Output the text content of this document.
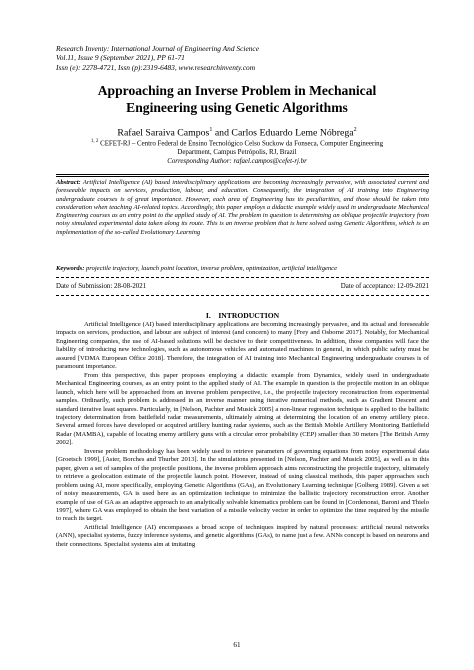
Research Inventy: International Journal of Engineering And Science
Vol.11, Issue 9 (September 2021), PP 61-71
Issn (e): 2278-4721, Issn (p):2319-6483, www.researchinventy.com
Approaching an Inverse Problem in Mechanical
Engineering using Genetic Algorithms
Rafael Saraiva Campos$^1$ and Carlos Eduardo Leme Nóbrega$^2$
$^{1, 2}$ CEFET-RJ – Centro Federal de Ensino Tecnológico Celso Suckow da Fonseca, Computer Engineering
Department, Campus Petrópolis, RJ, Brazil
Corresponding Author: rafael.campos@cefet-rj.br
Abstract: Artificial Intelligence (AI) based interdisciplinary applications are becoming increasingly pervasive, with associated current and foreseeable impacts on services, production, labour, and education. Consequently, the integration of AI training into Engineering undergraduate courses is of great importance. However, each area of Engineering has its peculiarities, and those should be taken into consideration when teaching AI-related topics. Accordingly, this paper employs a didactic example widely used in undergraduate Mechanical Engineering courses as an entry point to the applied study of AI. The problem in question is determining an oblique projectile trajectory from noisy simulated experimental data taken along its route. This is an inverse problem that is here solved using Genetic Algorithms, which is an implementation of the so-called Evolutionary Learning
Keywords: projectile trajectory, launch point location, inverse problem, optimization, artificial intelligence
Date of Submission: 28-08-2021	Date of acceptance: 12-09-2021
I.    INTRODUCTION

Artificial Intelligence (AI) based interdisciplinary applications are becoming increasingly pervasive, and its actual and foreseeable impacts on services, production, and labour are subject of interest (and concern) to many [Frey and Osborne 2017]. Notably, for Mechanical Engineering companies, the use of AI-based solutions will be decisive to their competitiveness. In addition, those companies will face the liability of introducing new technologies, such as autonomous vehicles and automated machines in general, in which public safety must be assured [VDMA European Office 2018]. Therefore, the integration of AI training into Mechanical Engineering undergraduate courses is of paramount importance.

From this perspective, this paper proposes employing a didactic example from Dynamics, widely used in undergraduate Mechanical Engineering courses, as an entry point to the applied study of AI. The example in question is the projectile motion in an oblique launch, which here will be approached from an inverse problem perspective, i.e., the projectile trajectory reconstruction from experimental samples. Ordinarily, such problem is addressed in an inverse manner using iterative numerical methods, such as Gradient Descent and standard iterative least squares. Particularly, in [Nelson, Pachter and Musick 2005] a non-linear regression technique is applied to the ballistic trajectory determination from battlefield radar measurements, ultimately aiming at determining the location of an enemy artillery piece. Several armed forces have developed or acquired artillery hunting radar systems, such as the British Mobile Artillery Monitoring Battlefield Radar (MAMBA), capable of locating enemy artillery guns with a circular error probability (CEP) smaller than 30 meters [The British Army 2002].

Inverse problem methodology has been widely used to retrieve parameters of governing equations from noisy experimental data [Groetsch 1999], [Aster, Borches and Thurber 2013]. In the simulations presented in [Nelson, Pachter and Musick 2005], as well as in this paper, given a set of samples of the projectile positions, the inverse problem approach aims reconstructing the projectile trajectory, ultimately to retrieve a geolocation estimate of the projectile launch point. However, instead of using classical methods, this paper approaches such problem using AI, more specifically, employing Genetic Algorithms (GAs), an Evolutionary Learning technique [Golberg 1989]. Given a set of noisy measurements, GA is used here as an optimization technique to minimize the ballistic trajectory reconstruction error. Another example of use of GA as an adaptive approach to an analytically solvable kinematics problem can be found in [Cordenonsi, Baroni and Thielo 1997], where GA was employed to obtain the best variation of a missile velocity vector in order to optimize the time required by the missile to reach its target.

Artificial Intelligence (AI) encompasses a broad scope of techniques inspired by natural processes: artificial neural networks (ANN), specialist systems, fuzzy inference systems, and genetic algorithms (GAs), to name just a few. ANNs concept is based on neurons and their connections. Specialist systems aim at imitating

61
